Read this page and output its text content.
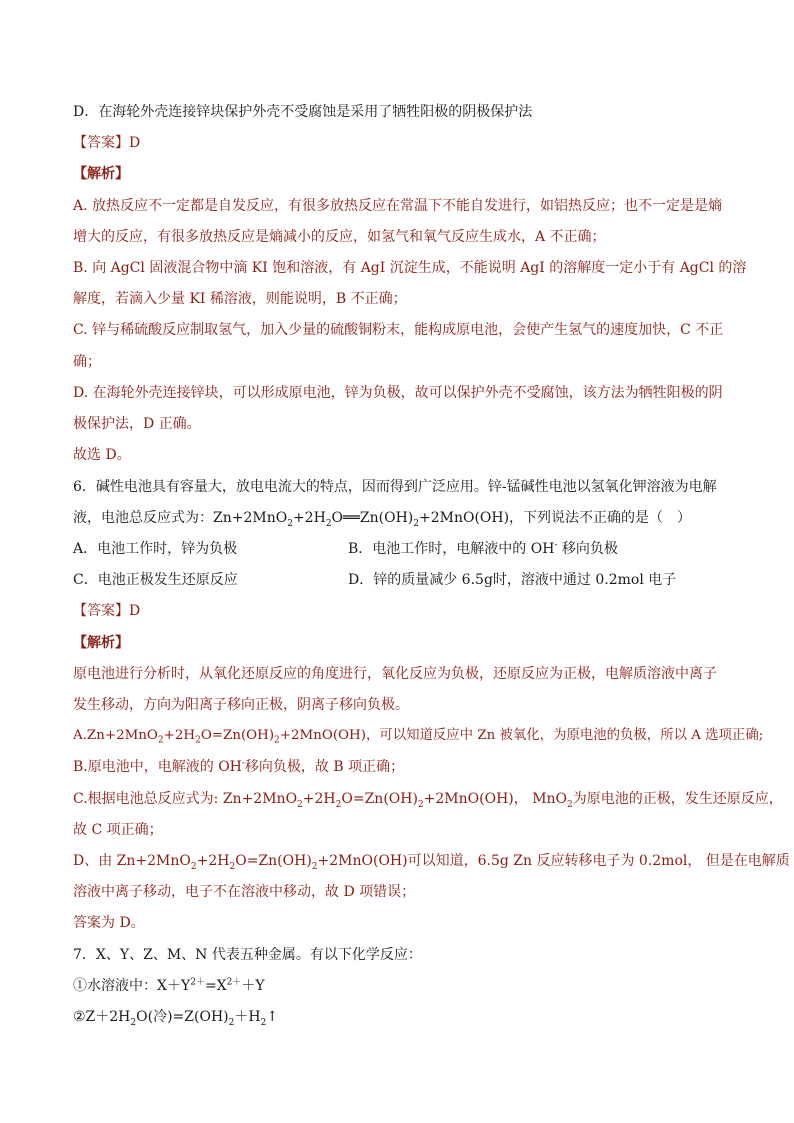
D．在海轮外壳连接锌块保护外壳不受腐蚀是采用了牺牲阳极的阴极保护法
【答案】D
【解析】
A. 放热反应不一定都是自发反应，有很多放热反应在常温下不能自发进行，如铝热反应；也不一定是是熵
增大的反应，有很多放热反应是熵减小的反应，如氢气和氧气反应生成水，A 不正确；
B. 向 AgCl 固液混合物中滴 KI 饱和溶液，有 AgI 沉淀生成，不能说明 AgI 的溶解度一定小于有 AgCl 的溶
解度，若滴入少量 KI 稀溶液，则能说明，B 不正确；
C. 锌与稀硫酸反应制取氢气，加入少量的硫酸铜粉末，能构成原电池，会使产生氢气的速度加快，C 不正
确；
D. 在海轮外壳连接锌块，可以形成原电池，锌为负极，故可以保护外壳不受腐蚀，该方法为牺牲阳极的阴
极保护法，D 正确。
故选 D。
6．碱性电池具有容量大，放电电流大的特点，因而得到广泛应用。锌-锰碱性电池以氢氧化钾溶液为电解
液，电池总反应式为：$Zn+2MnO_2+2H_2O══Zn(OH)_2+2MnO(OH)$，下列说法不正确的是（　）
A．电池工作时，锌为负极	B．电池工作时，电解液中的 OH- 移向负极
C．电池正极发生还原反应	D．锌的质量减少 6.5g时，溶液中通过 0.2mol 电子
【答案】D
【解析】
原电池进行分析时，从氧化还原反应的角度进行，氧化反应为负极，还原反应为正极，电解质溶液中离子
发生移动，方向为阳离子移向正极，阴离子移向负极。
$A.Zn+2MnO_2+2H_2O=Zn(OH)_2+2MnO(OH)$，可以知道反应中 Zn 被氧化，为原电池的负极，所以 A 选项正确;
B.原电池中，电解液的 OH-移向负极，故 B 项正确；
C.根据电池总反应式为: $Zn+2MnO_2+2H_2O=Zn(OH)_2+2MnO(OH)$， MnO$_2$为原电池的正极，发生还原反应，
故 C 项正确；
D、由 $Zn+2MnO_2+2H_2O=Zn(OH)_2+2MnO(OH)$可以知道，6.5g Zn 反应转移电子为 0.2mol， 但是在电解质
溶液中离子移动，电子不在溶液中移动，故 D 项错误；
答案为 D。
7．X、Y、Z、M、N 代表五种金属。有以下化学反应：
①水溶液中：$X+Y^{2+}=X^{2+}+Y$
$②Z+2H_2O$(冷)$=Z(OH)_2+H_2↑$
